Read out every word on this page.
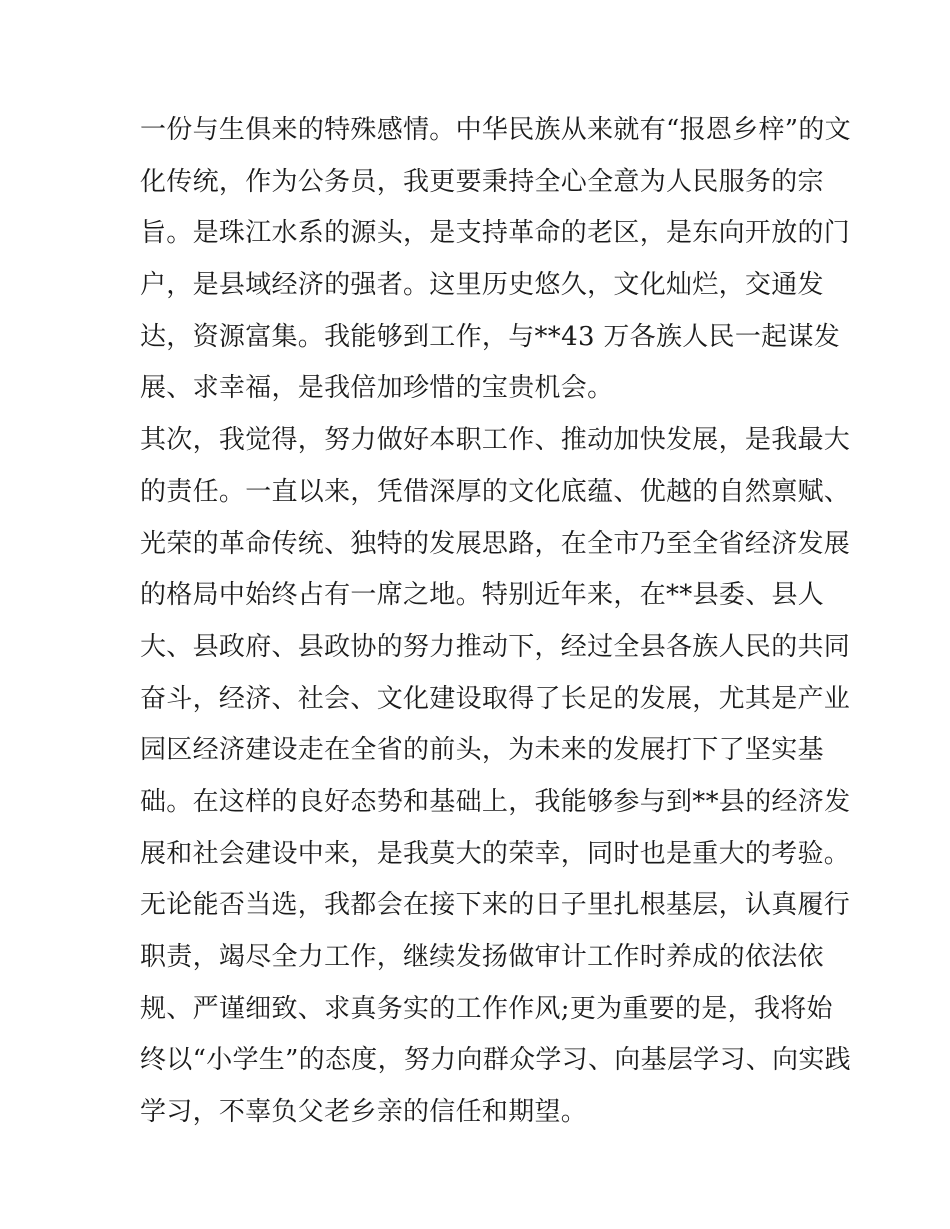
一份与生俱来的特殊感情。中华民族从来就有“报恩乡梓”的文
化传统，作为公务员，我更要秉持全心全意为人民服务的宗
旨。是珠江水系的源头，是支持革命的老区，是东向开放的门
户，是县域经济的强者。这里历史悠久，文化灿烂，交通发
达，资源富集。我能够到工作，与**43 万各族人民一起谋发
展、求幸福，是我倍加珍惜的宝贵机会。
其次，我觉得，努力做好本职工作、推动加快发展，是我最大
的责任。一直以来，凭借深厚的文化底蕴、优越的自然禀赋、
光荣的革命传统、独特的发展思路，在全市乃至全省经济发展
的格局中始终占有一席之地。特别近年来，在**县委、县人
大、县政府、县政协的努力推动下，经过全县各族人民的共同
奋斗，经济、社会、文化建设取得了长足的发展，尤其是产业
园区经济建设走在全省的前头，为未来的发展打下了坚实基
础。在这样的良好态势和基础上，我能够参与到**县的经济发
展和社会建设中来，是我莫大的荣幸，同时也是重大的考验。
无论能否当选，我都会在接下来的日子里扎根基层，认真履行
职责，竭尽全力工作，继续发扬做审计工作时养成的依法依
规、严谨细致、求真务实的工作作风;更为重要的是，我将始
终以“小学生”的态度，努力向群众学习、向基层学习、向实践
学习，不辜负父老乡亲的信任和期望。
